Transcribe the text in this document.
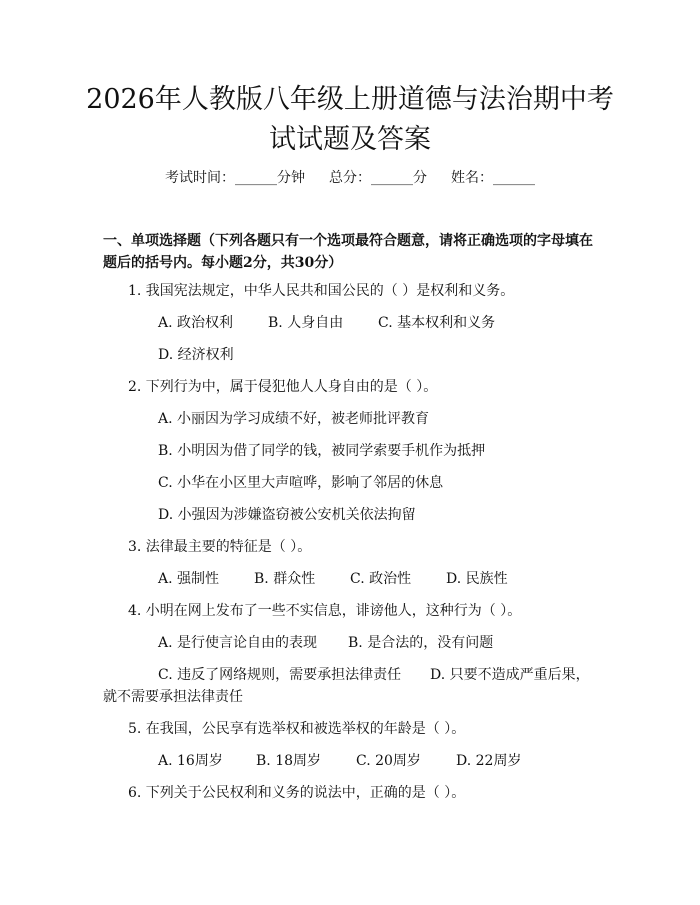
2026年人教版八年级上册道德与法治期中考
试试题及答案
考试时间：______分钟 总分：______分 姓名：______
一、单项选择题（下列各题只有一个选项最符合题意，请将正确选项的字母填在题后的括号内。每小题2分，共30分）
1. 我国宪法规定，中华人民共和国公民的（ ）是权利和义务。
A. 政治权利 B. 人身自由 C. 基本权利和义务
D. 经济权利
2. 下列行为中，属于侵犯他人人身自由的是（ ）。
A. 小丽因为学习成绩不好，被老师批评教育
B. 小明因为借了同学的钱，被同学索要手机作为抵押
C. 小华在小区里大声喧哗，影响了邻居的休息
D. 小强因为涉嫌盗窃被公安机关依法拘留
3. 法律最主要的特征是（ ）。
A. 强制性 B. 群众性 C. 政治性 D. 民族性
4. 小明在网上发布了一些不实信息，诽谤他人，这种行为（ ）。
A. 是行使言论自由的表现 B. 是合法的，没有问题
C. 违反了网络规则，需要承担法律责任 D. 只要不造成严重后果，
就不需要承担法律责任
5. 在我国，公民享有选举权和被选举权的年龄是（ ）。
A. 16周岁 B. 18周岁 C. 20周岁	D. 22周岁
6. 下列关于公民权利和义务的说法中，正确的是（ ）。
